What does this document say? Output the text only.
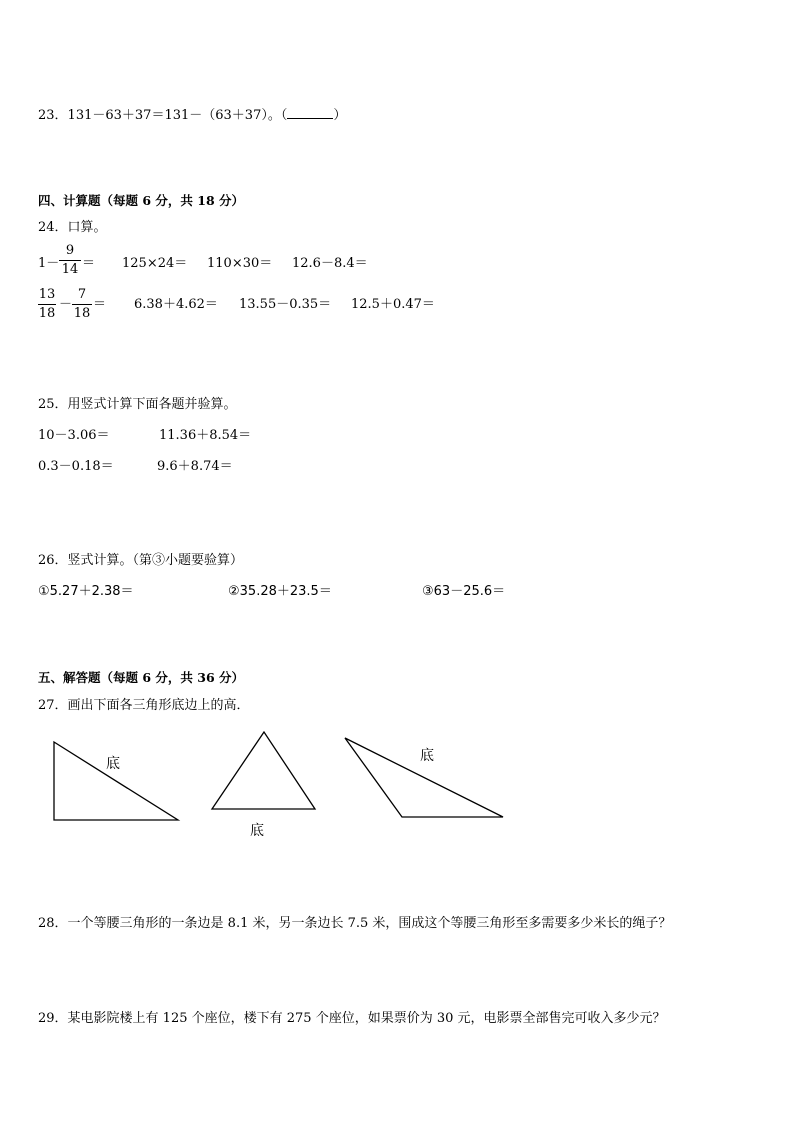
23．131－63＋37＝131－（63＋37）。（	）
四、计算题（每题 6 分，共 18 分）
24．口算。
1－
9
14 ＝ 125×24＝ 110×30＝ 12.6－8.4＝
13
18
－
7
18
＝ 6.38＋4.62＝ 13.55－0.35＝ 12.5＋0.47＝
25．用竖式计算下面各题并验算。
10－3.06＝	11.36＋8.54＝
0.3－0.18＝	9.6＋8.74＝
26．竖式计算。（第③小题要验算）
①5.27＋2.38＝	②35.28＋23.5＝	③63－25.6＝
五、解答题（每题 6 分，共 36 分）
27．画出下面各三角形底边上的高．
底
底
底
28．一个等腰三角形的一条边是 8.1 米，另一条边长 7.5 米，围成这个等腰三角形至多需要多少米长的绳子？
29．某电影院楼上有 125 个座位，楼下有 275 个座位，如果票价为 30 元，电影票全部售完可收入多少元？
